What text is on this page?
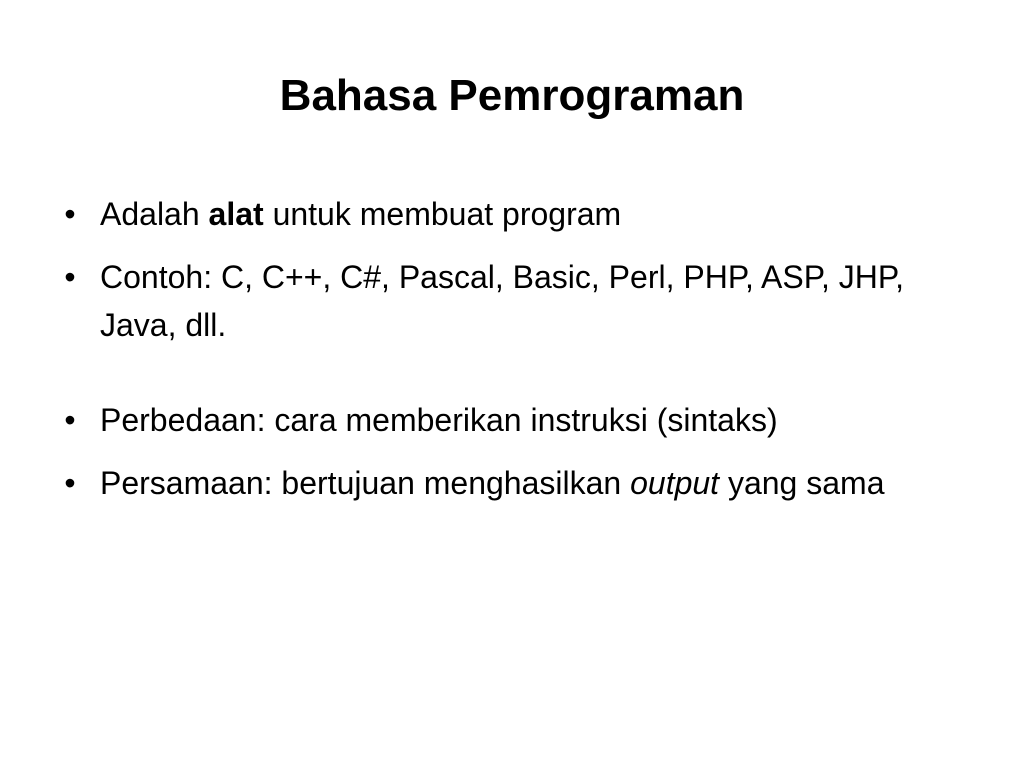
Bahasa Pemrograman
• Adalah alat untuk membuat program
• Contoh: C, C++, C#, Pascal, Basic, Perl, PHP, ASP, JHP, Java, dll.
• Perbedaan: cara memberikan instruksi (sintaks)
• Persamaan: bertujuan menghasilkan output yang sama
